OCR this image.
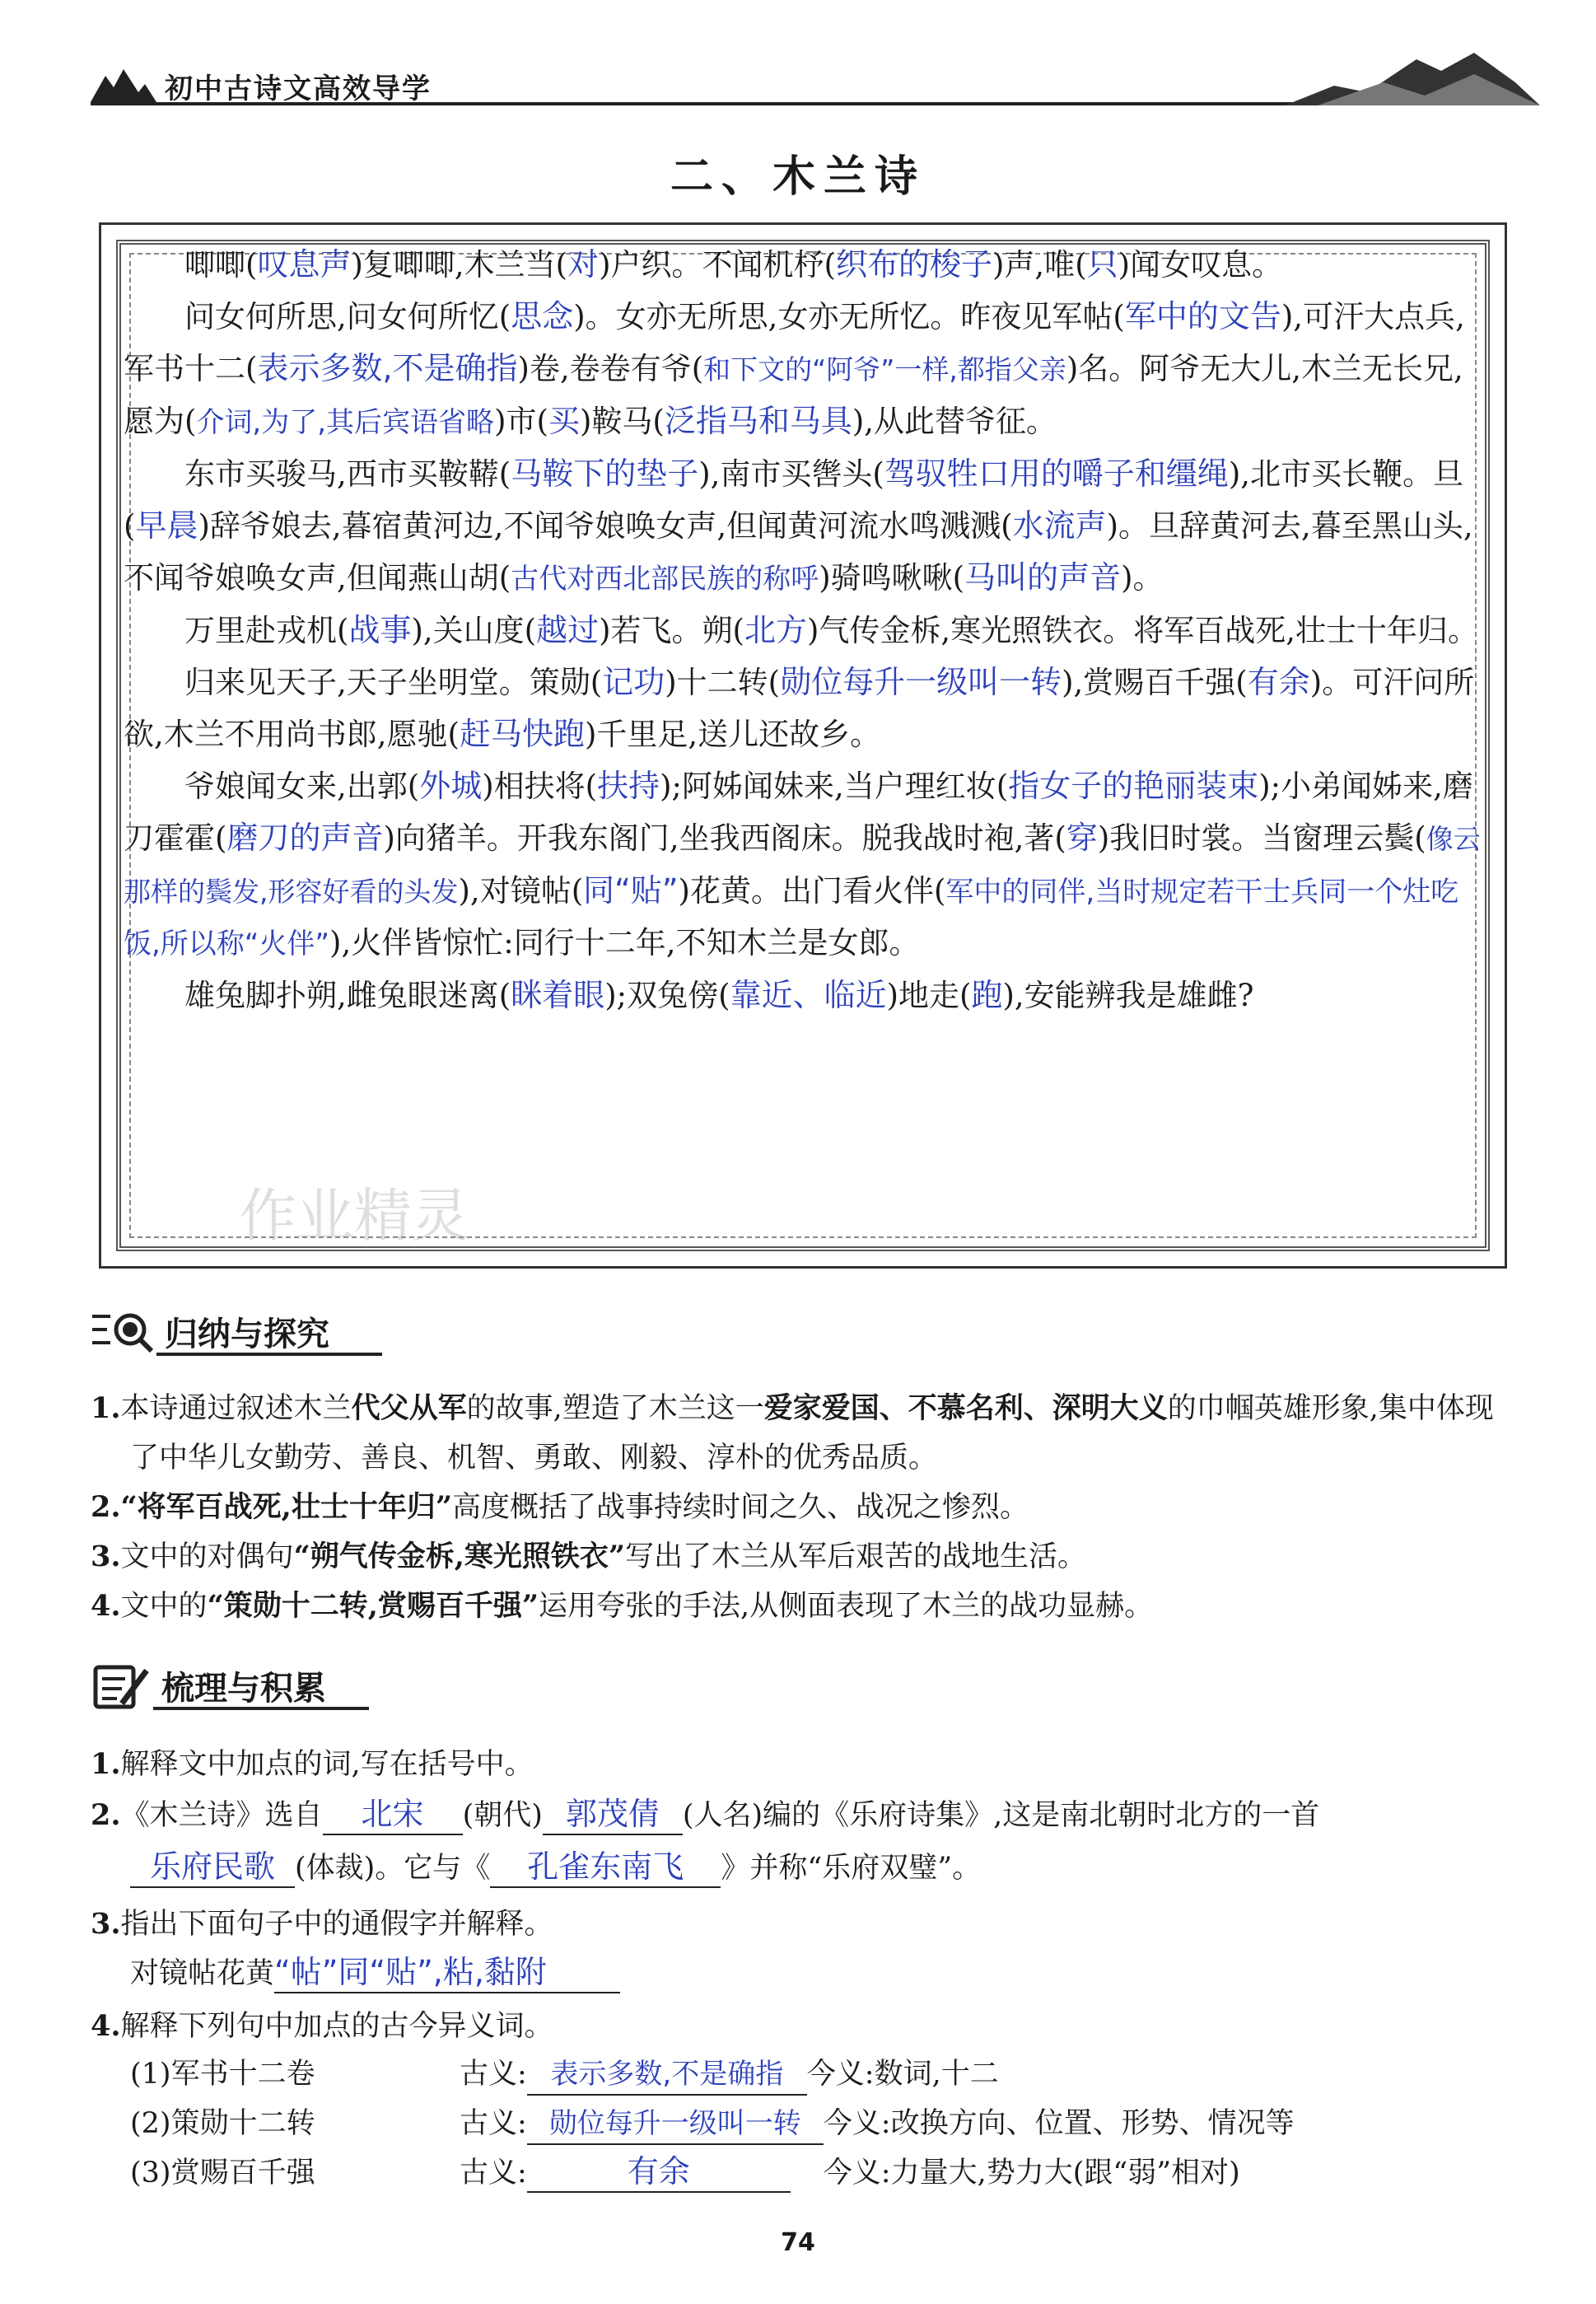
初中古诗文高效导学
二、木兰诗

唧唧(叹息声)复唧唧,木兰当(对)户织。不闻机杼(织布的梭子)声,唯(只)闻女叹息。

问女何所思,问女何所忆(思念)。女亦无所思,女亦无所忆。昨夜见军帖(军中的文告),可汗大点兵,军书十二(表示多数,不是确指)卷,卷卷有爷(和下文的“阿爷”一样,都指父亲)名。阿爷无大儿,木兰无长兄,愿为(介词,为了,其后宾语省略)市(买)鞍马(泛指马和马具),从此替爷征。

东市买骏马,西市买鞍鞯(马鞍下的垫子),南市买辔头(驾驭牲口用的嚼子和缰绳),北市买长鞭。旦(早晨)辞爷娘去,暮宿黄河边,不闻爷娘唤女声,但闻黄河流水鸣溅溅(水流声)。旦辞黄河去,暮至黑山头,不闻爷娘唤女声,但闻燕山胡(古代对西北部民族的称呼)骑鸣啾啾(马叫的声音)。

万里赴戎机(战事),关山度(越过)若飞。朔(北方)气传金柝,寒光照铁衣。将军百战死,壮士十年归。

归来见天子,天子坐明堂。策勋(记功)十二转(勋位每升一级叫一转),赏赐百千强(有余)。可汗问所欲,木兰不用尚书郎,愿驰(赶马快跑)千里足,送儿还故乡。

爷娘闻女来,出郭(外城)相扶将(扶持);阿姊闻妹来,当户理红妆(指女子的艳丽装束);小弟闻姊来,磨刀霍霍(磨刀的声音)向猪羊。开我东阁门,坐我西阁床。脱我战时袍,著(穿)我旧时裳。当窗理云鬓(像云那样的鬓发,形容好看的头发),对镜帖(同“贴”)花黄。出门看火伴(军中的同伴,当时规定若干士兵同一个灶吃饭,所以称“火伴”),火伴皆惊忙:同行十二年,不知木兰是女郎。

雄兔脚扑朔,雌兔眼迷离(眯着眼);双兔傍(靠近、临近)地走(跑),安能辨我是雄雌?

作业精灵
归纳与探究

1.本诗通过叙述木兰代父从军的故事,塑造了木兰这一爱家爱国、不慕名利、深明大义的巾帼英雄形象,集中体现了中华儿女勤劳、善良、机智、勇敢、刚毅、淳朴的优秀品质。

2.“将军百战死,壮士十年归”高度概括了战事持续时间之久、战况之惨烈。

3.文中的对偶句“朔气传金柝,寒光照铁衣”写出了木兰从军后艰苦的战地生活。

4.文中的“策勋十二转,赏赐百千强”运用夸张的手法,从侧面表现了木兰的战功显赫。

梳理与积累
1.解释文中加点的词,写在括号中。
2.《木兰诗》选自 北宋 (朝代) 郭茂倩 (人名)编的《乐府诗集》,这是南北朝时北方的一首
乐府民歌 (体裁)。它与《 孔雀东南飞 》并称“乐府双璧”。
3.指出下面句子中的通假字并解释。
对镜帖花黄“帖”同“贴”,粘,黏附
4.解释下列句中加点的古今异义词。
(1)军书十二卷	古义: 表示多数,不是确指 今义:数词,十二
(2)策勋十二转	古义: 勋位每升一级叫一转 今义:改换方向、位置、形势、情况等
(3)赏赐百千强	古义:	有余	今义:力量大,势力大(跟“弱”相对)
74
